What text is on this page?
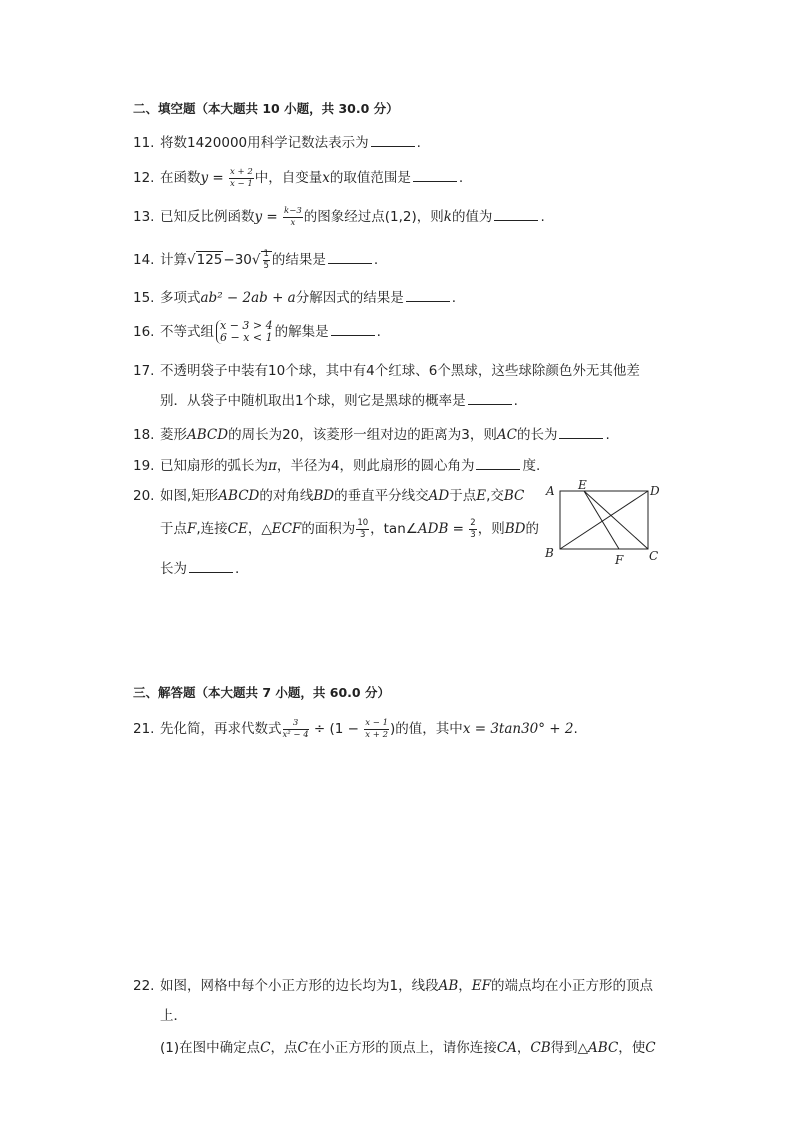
二、填空题（本大题共 10 小题，共 30.0 分）
11. 将数1420000用科学记数法表示为	.
12. 在函数$y = \frac{x + 2}{x - 1}$ 中，自变量x的取值范围是	.
13. 已知反比例函数$y = \frac{k-3}{x}$ 的图象经过点(1,2)，则k的值为	.
14. 计算$√125-30√ \frac{1}{5}$ 的结果是	.
15. 多项式ab² − 2ab + a分解因式的结果是	.
16. 不等式组 x − 3 > 4
6 − x < 1 的解集是	.
17. 不透明袋子中装有10个球，其中有4个红球、6个黑球，这些球除颜色外无其他差
别．从袋子中随机取出1个球，则它是黑球的概率是	.
18. 菱形ABCD的周长为20，该菱形一组对边的距离为3，则AC的长为	.
19. 已知扇形的弧长为π，半径为4，则此扇形的圆心角为	度.
20. 如图,矩形ABCD的对角线BD的垂直平分线交AD于点E,交BC
于点F,连接CE，△ECF的面积为 $\frac{10}{3}$ ，tan∠ADB = $\frac{2}{3}$ ，则BD的
长为	.
A E	D
B	F C
三、解答题（本大题共 7 小题，共 60.0 分）
21. 先化简，再求代数式 $\frac{3}{\text{x² − 4}} \div (1 - \frac{x - 1}{x + 2}$ )的值，其中x = 3tan30° + 2.
22. 如图，网格中每个小正方形的边长均为1，线段AB，EF的端点均在小正方形的顶点
上．
(1)在图中确定点C，点C在小正方形的顶点上，请你连接CA，CB得到△ABC，使C
